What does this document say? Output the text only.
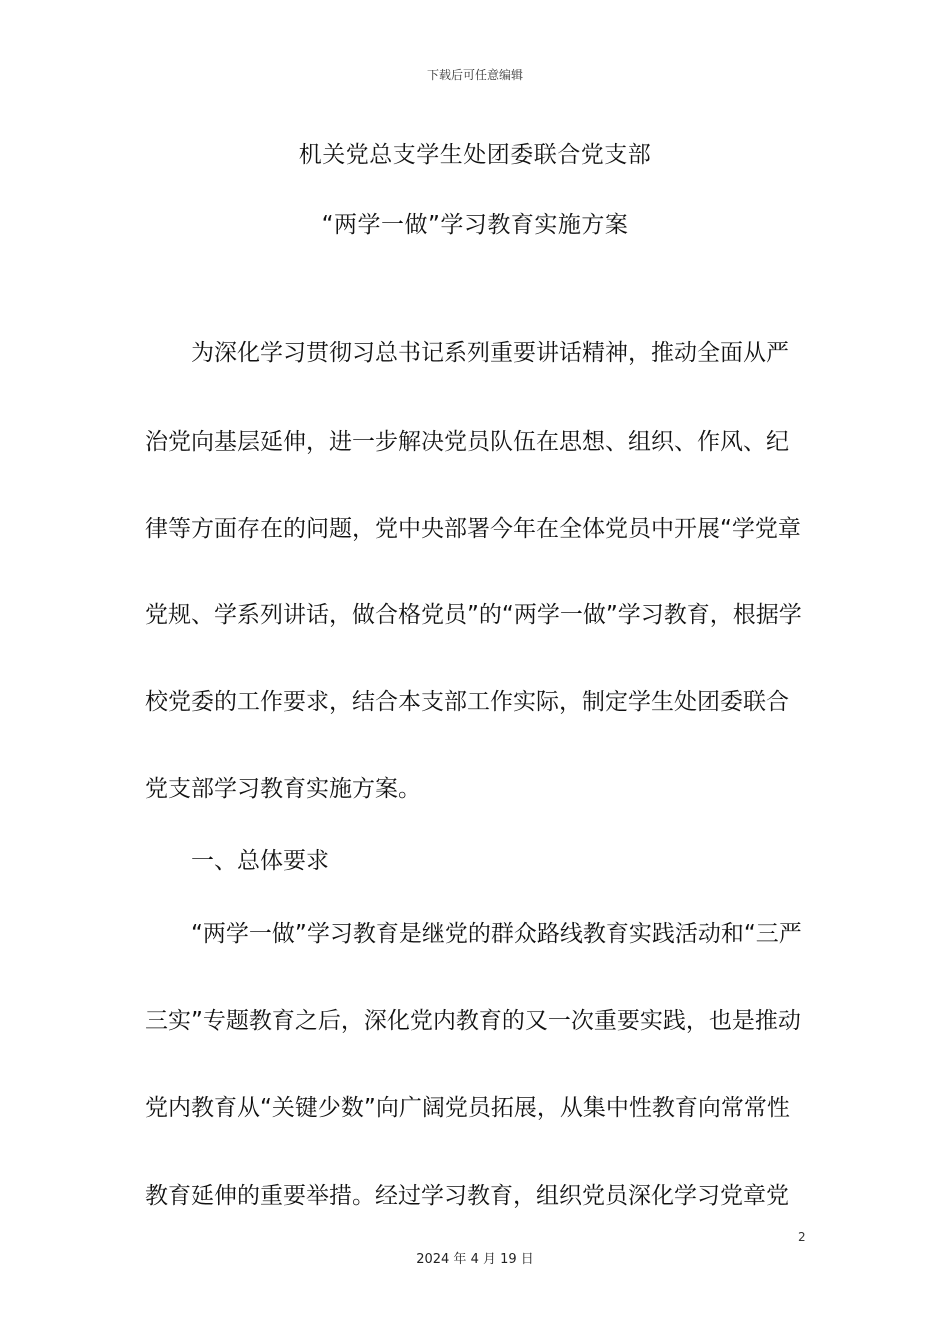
下载后可任意编辑
机关党总支学生处团委联合党支部
“两学一做”学习教育实施方案
为深化学习贯彻习总书记系列重要讲话精神，推动全面从严
治党向基层延伸，进一步解决党员队伍在思想、组织、作风、纪
律等方面存在的问题，党中央部署今年在全体党员中开展“学党章
党规、学系列讲话，做合格党员”的“两学一做”学习教育，根据学
校党委的工作要求，结合本支部工作实际，制定学生处团委联合
党支部学习教育实施方案。
一、总体要求
“两学一做”学习教育是继党的群众路线教育实践活动和“三严
三实”专题教育之后，深化党内教育的又一次重要实践，也是推动
党内教育从“关键少数”向广阔党员拓展，从集中性教育向常常性
教育延伸的重要举措。经过学习教育，组织党员深化学习党章党
2
2024 年 4 月 19 日
